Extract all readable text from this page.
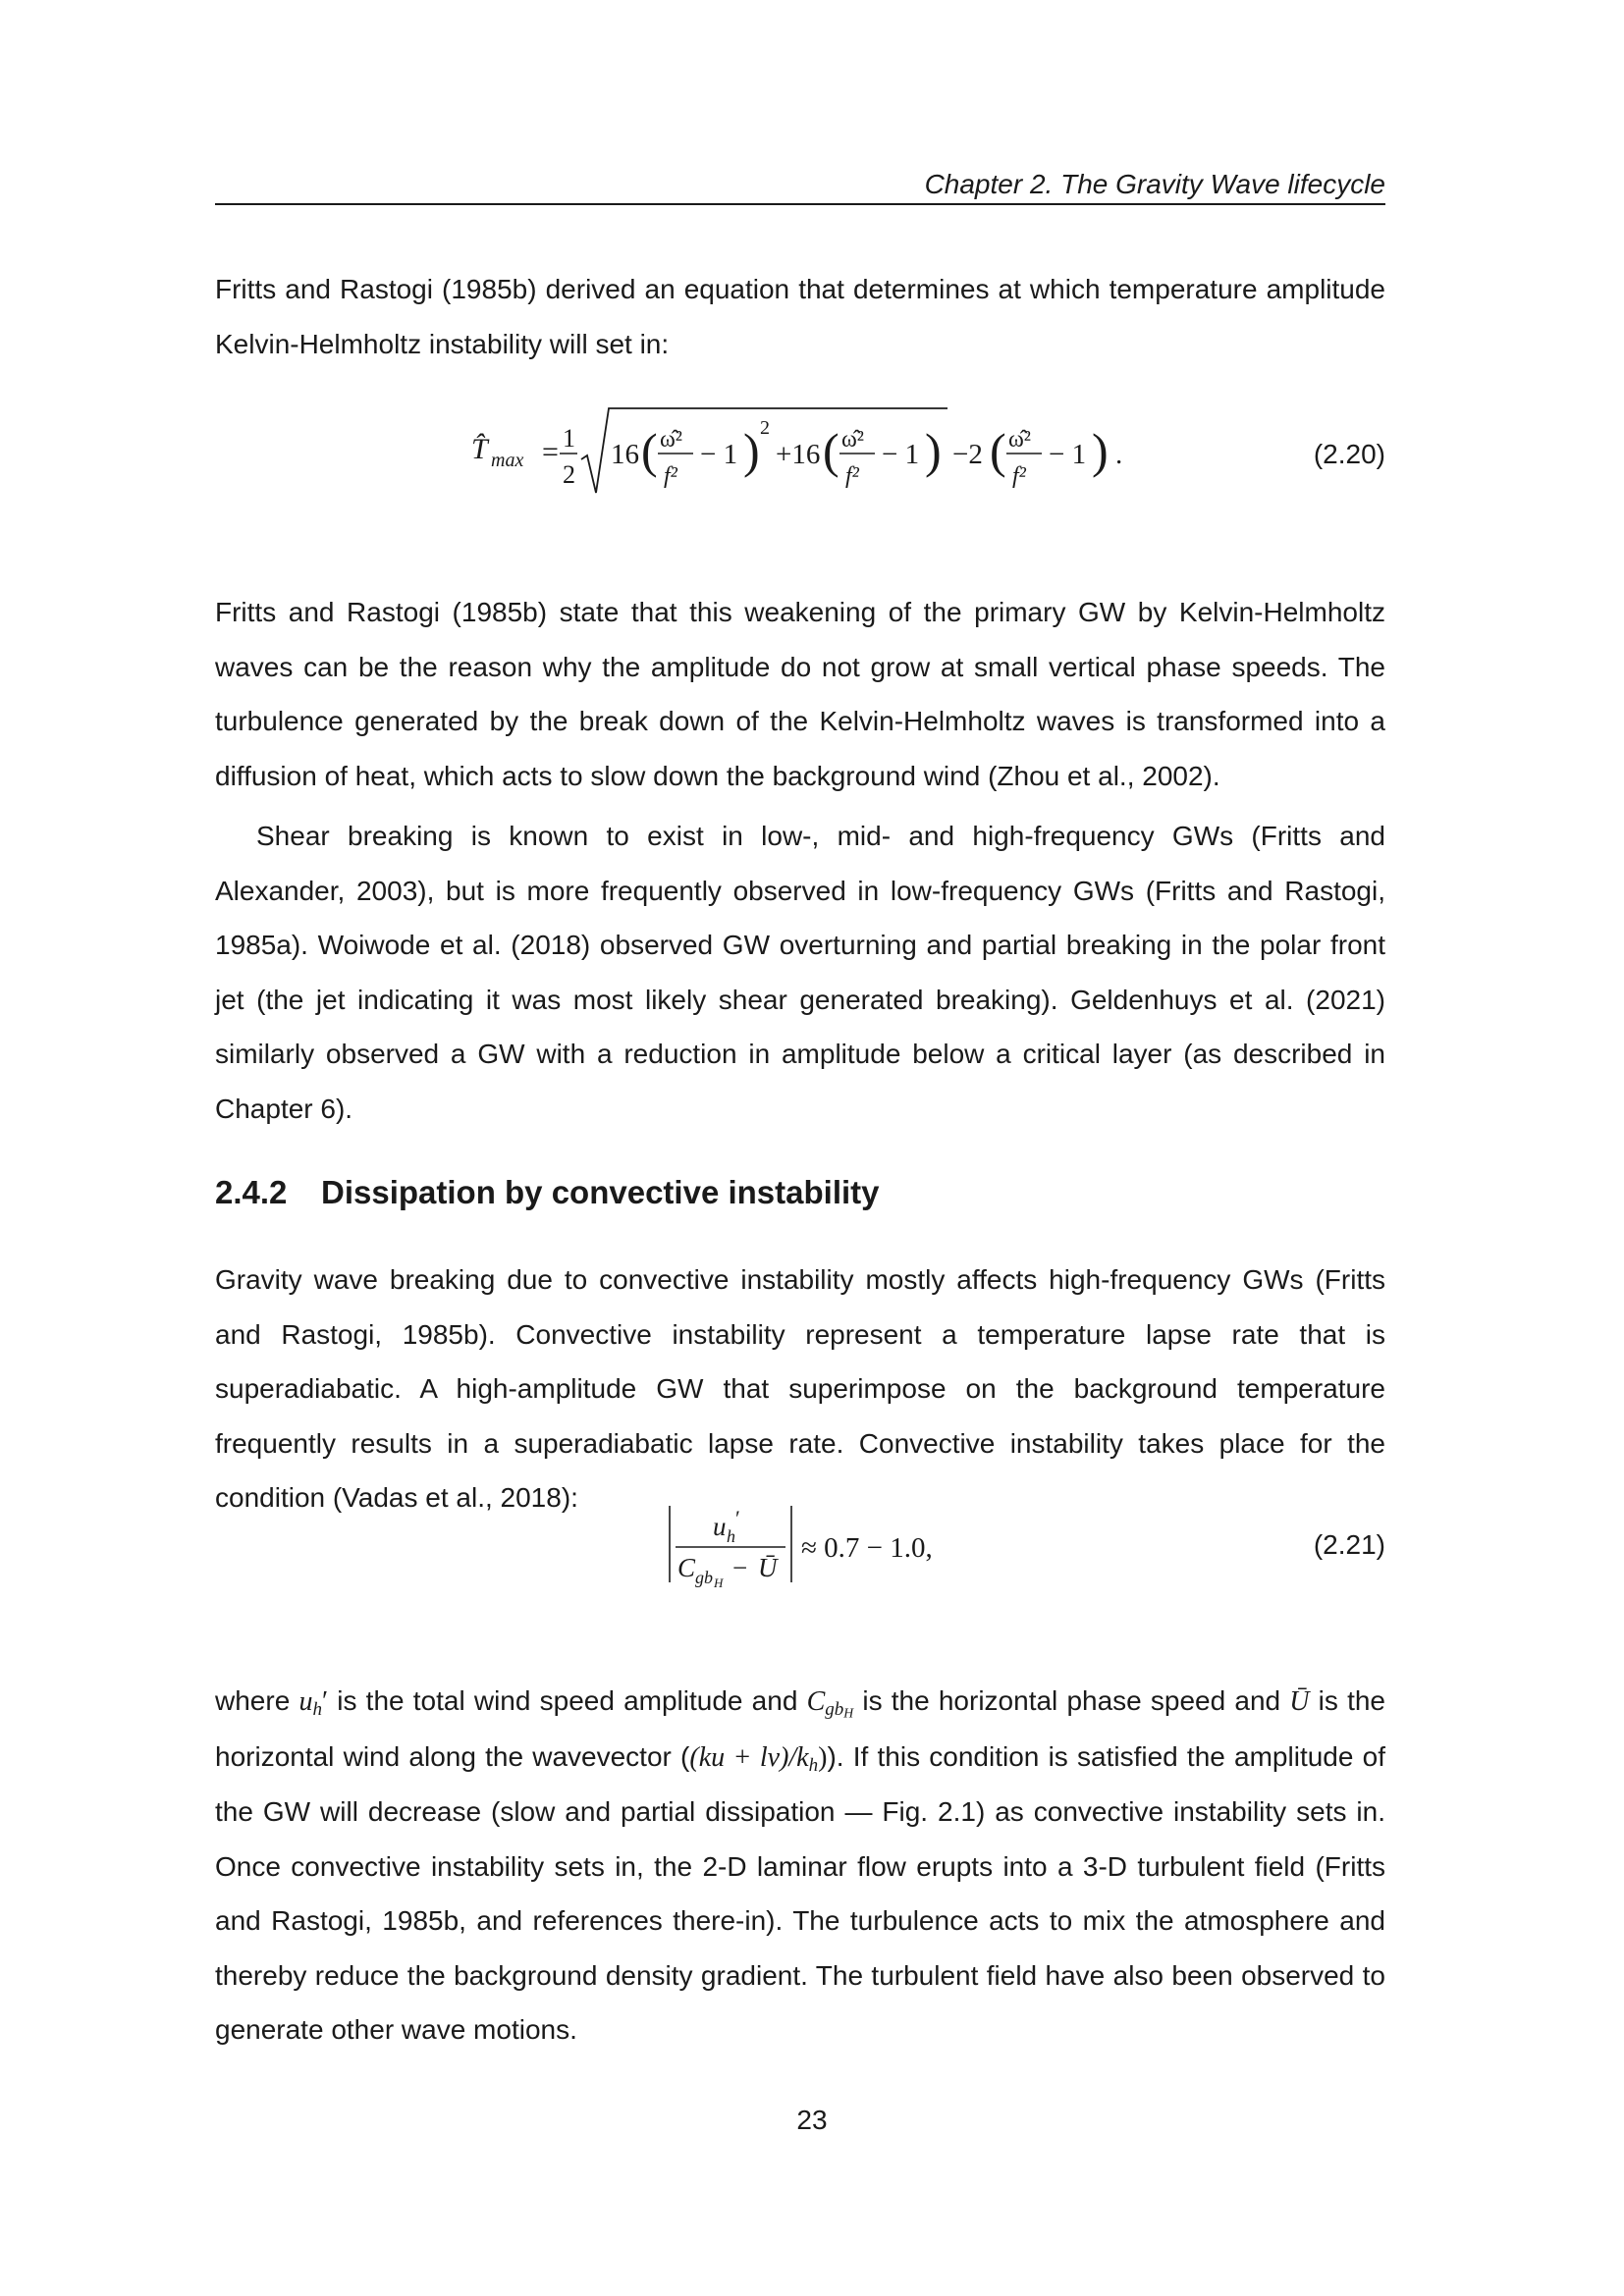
Chapter 2. The Gravity Wave lifecycle

Fritts and Rastogi (1985b) derived an equation that determines at which temperature amplitude Kelvin-Helmholtz instability will set in:

T̂ max = 1
2
16 ( ω̂²
f²
− 1 ) 2
+16 ( ω̂²
f²
− 1 ) −2 ( ω̂²
f²
− 1 ) .	(2.20)

Fritts and Rastogi (1985b) state that this weakening of the primary GW by Kelvin-Helmholtz waves can be the reason why the amplitude do not grow at small vertical phase speeds. The turbulence generated by the break down of the Kelvin-Helmholtz waves is transformed into a diffusion of heat, which acts to slow down the background wind (Zhou et al., 2002).

Shear breaking is known to exist in low-, mid- and high-frequency GWs (Fritts and Alexander, 2003), but is more frequently observed in low-frequency GWs (Fritts and Rastogi, 1985a). Woiwode et al. (2018) observed GW overturning and partial breaking in the polar front jet (the jet indicating it was most likely shear generated breaking). Geldenhuys et al. (2021) similarly observed a GW with a reduction in amplitude below a critical layer (as described in Chapter 6).

2.4.2 Dissipation by convective instability

Gravity wave breaking due to convective instability mostly affects high-frequency GWs (Fritts and Rastogi, 1985b). Convective instability represent a temperature lapse rate that is superadiabatic. A high-amplitude GW that superimpose on the background temperature frequently results in a superadiabatic lapse rate. Convective instability takes place for the condition (Vadas et al., 2018):

u h
′
C gb H
− Ū
≈ 0.7 − 1.0,	(2.21)

where $u_h'$ is the total wind speed amplitude and $C_{gb_H}$ is the horizontal phase speed and Ū is the horizontal wind along the wavevector $((ku + lv)/k_h)$). If this condition is satisfied the amplitude of the GW will decrease (slow and partial dissipation — Fig. 2.1) as convective instability sets in. Once convective instability sets in, the 2-D laminar flow erupts into a 3-D turbulent field (Fritts and Rastogi, 1985b, and references there-in). The turbulence acts to mix the atmosphere and thereby reduce the background density gradient. The turbulent field have also been observed to generate other wave motions.

23
